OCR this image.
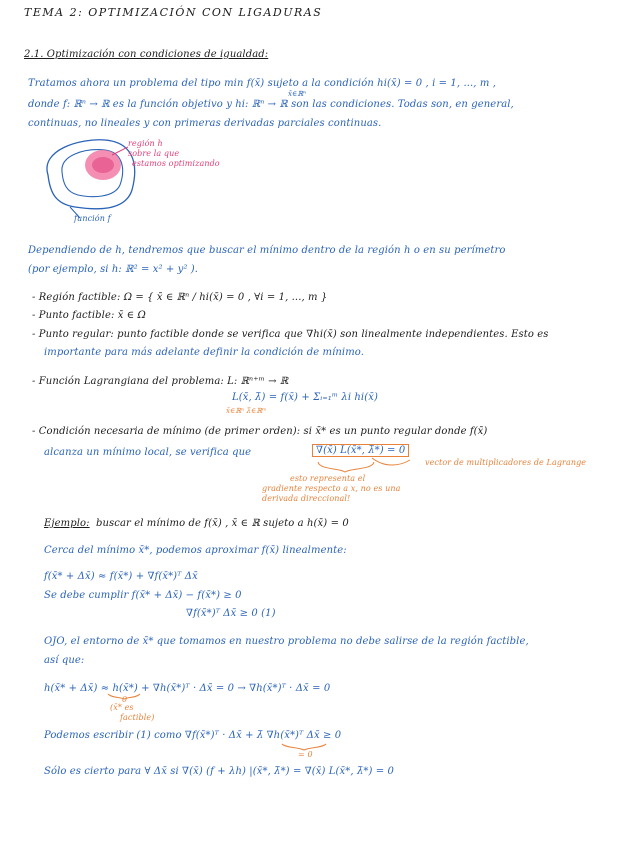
TEMA 2: OPTIMIZACIÓN CON LIGADURAS
2.1. Optimización con condiciones de igualdad:
Tratamos ahora un problema del tipo min f(x̄) sujeto a la condición hi(x̄) = 0 , i = 1, ..., m ,
x̄∈ℝⁿ
donde f: ℝⁿ → ℝ es la función objetivo y hi: ℝⁿ → ℝ son las condiciones. Todas son, en general,
continuas, no lineales y con primeras derivadas parciales continuas.
región h
sobre la que
estamos optimizando
función f
Dependiendo de h, tendremos que buscar el mínimo dentro de la región h o en su perímetro
(por ejemplo, si h: ℝ² = x² + y² ).
- Región factible: Ω = { x̄ ∈ ℝⁿ / hi(x̄) = 0 , ∀i = 1, ..., m }
- Punto factible: x̄ ∈ Ω
- Punto regular: punto factible donde se verifica que ∇hi(x̄) son linealmente independientes. Esto es
importante para más adelante definir la condición de mínimo.
- Función Lagrangiana del problema: L: ℝⁿ⁺ᵐ → ℝ
L(x̄, λ̄) = f(x̄) + Σᵢ₌₁ᵐ λi hi(x̄)
x̄∈ℝⁿ λ̄∈ℝᵐ
- Condición necesaria de mínimo (de primer orden): si x̄* es un punto regular donde f(x̄)
alcanza un mínimo local, se verifica que	∇(x̄) L(x̄*, λ̄*) = 0
vector de multiplicadores de Lagrange
esto representa el
gradiente respecto a x, no es una
derivada direccional!
Ejemplo: buscar el mínimo de f(x̄) , x̄ ∈ ℝ sujeto a h(x̄) = 0
Cerca del mínimo x̄*, podemos aproximar f(x̄) linealmente:
f(x̄* + Δx̄) ≈ f(x̄*) + ∇f(x̄*)ᵀ Δx̄
Se debe cumplir f(x̄* + Δx̄) − f(x̄*) ≥ 0
∇f(x̄*)ᵀ Δx̄ ≥ 0 (1)
OJO, el entorno de x̄* que tomamos en nuestro problema no debe salirse de la región factible,
así que:
h(x̄* + Δx̄) ≈ h(x̄*) + ∇h(x̄*)ᵀ · Δx̄ = 0 → ∇h(x̄*)ᵀ · Δx̄ = 0
0
(x̄* es
factible)
Podemos escribir (1) como ∇f(x̄*)ᵀ · Δx̄ + λ̄ ∇h(x̄*)ᵀ Δx̄ ≥ 0
= 0
Sólo es cierto para ∀ Δx̄ si ∇(x̄) (f + λh) |(x̄*, λ̄*) = ∇(x̄) L(x̄*, λ̄*) = 0
